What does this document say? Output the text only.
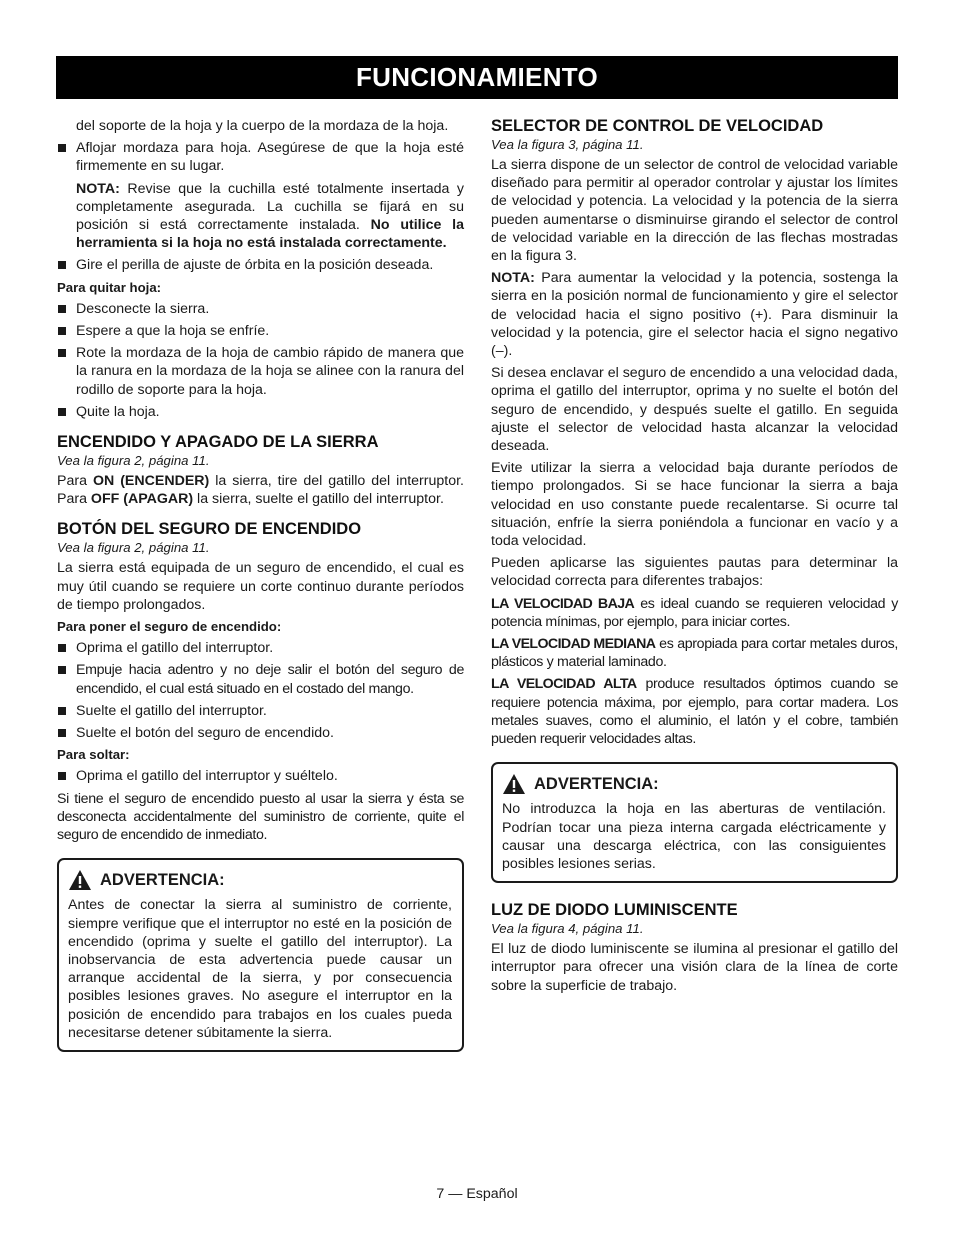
FUNCIONAMIENTO

del soporte de la hoja y la cuerpo de la mordaza de la hoja.

Aflojar mordaza para hoja. Asegúrese de que la hoja esté firmemente en su lugar.

NOTA: Revise que la cuchilla esté totalmente insertada y completamente asegurada. La cuchilla se fijará en su posición si está correctamente instalada. No utilice la herramienta si la hoja no está instalada correctamente.

Gire el perilla de ajuste de órbita en la posición deseada.
Para quitar hoja:
Desconecte la sierra.
Espere a que la hoja se enfríe.
Rote la mordaza de la hoja de cambio rápido de manera que la ranura en la mordaza de la hoja se alinee con la ranura del rodillo de soporte para la hoja.
Quite la hoja.
ENCENDIDO Y APAGADO DE LA SIERRA
Vea la figura 2, página 11.

Para ON (ENCENDER) la sierra, tire del gatillo del interruptor. Para OFF (APAGAR) la sierra, suelte el gatillo del interruptor.

BOTÓN DEL SEGURO DE ENCENDIDO
Vea la figura 2, página 11.

La sierra está equipada de un seguro de encendido, el cual es muy útil cuando se requiere un corte continuo durante períodos de tiempo prolongados.

Para poner el seguro de encendido:
Oprima el gatillo del interruptor.
Empuje hacia adentro y no deje salir el botón del seguro de encendido, el cual está situado en el costado del mango.
Suelte el gatillo del interruptor.
Suelte el botón del seguro de encendido.
Para soltar:
Oprima el gatillo del interruptor y suéltelo.

Si tiene el seguro de encendido puesto al usar la sierra y ésta se desconecta accidentalmente del suministro de corriente, quite el seguro de encendido de inmediato.

ADVERTENCIA:

Antes de conectar la sierra al suministro de corriente, siempre verifique que el interruptor no esté en la posición de encendido (oprima y suelte el gatillo del interruptor). La inobservancia de esta advertencia puede causar un arranque accidental de la sierra, y por consecuencia posibles lesiones graves. No asegure el interruptor en la posición de encendido para trabajos en los cuales pueda necesitarse detener súbitamente la sierra.

SELECTOR DE CONTROL DE VELOCIDAD
Vea la figura 3, página 11.

La sierra dispone de un selector de control de velocidad variable diseñado para permitir al operador controlar y ajustar los límites de velocidad y potencia. La velocidad y la potencia de la sierra pueden aumentarse o disminuirse girando el selector de control de velocidad variable en la dirección de las flechas mostradas en la figura 3.

NOTA: Para aumentar la velocidad y la potencia, sostenga la sierra en la posición normal de funcionamiento y gire el selector de velocidad hacia el signo positivo (+). Para disminuir la velocidad y la potencia, gire el selector hacia el signo negativo (–).

Si desea enclavar el seguro de encendido a una velocidad dada, oprima el gatillo del interruptor, oprima y no suelte el botón del seguro de encendido, y después suelte el gatillo. En seguida ajuste el selector de velocidad hasta alcanzar la velocidad deseada.

Evite utilizar la sierra a velocidad baja durante períodos de tiempo prolongados. Si se hace funcionar la sierra a baja velocidad en uso constante puede recalentarse. Si ocurre tal situación, enfríe la sierra poniéndola a funcionar en vacío y a toda velocidad.

Pueden aplicarse las siguientes pautas para determinar la velocidad correcta para diferentes trabajos:

LA VELOCIDAD BAJA es ideal cuando se requieren velocidad y potencia mínimas, por ejemplo, para iniciar cortes.

LA VELOCIDAD MEDIANA es apropiada para cortar metales duros, plásticos y material laminado.

LA VELOCIDAD ALTA produce resultados óptimos cuando se requiere potencia máxima, por ejemplo, para cortar madera. Los metales suaves, como el aluminio, el latón y el cobre, también pueden requerir velocidades altas.

ADVERTENCIA:

No introduzca la hoja en las aberturas de ventilación. Podrían tocar una pieza interna cargada eléctricamente y causar una descarga eléctrica, con las consiguientes posibles lesiones serias.

LUZ DE DIODO LUMINISCENTE
Vea la figura 4, página 11.

El luz de diodo luminiscente se ilumina al presionar el gatillo del interruptor para ofrecer una visión clara de la línea de corte sobre la superficie de trabajo.

7 — Español
